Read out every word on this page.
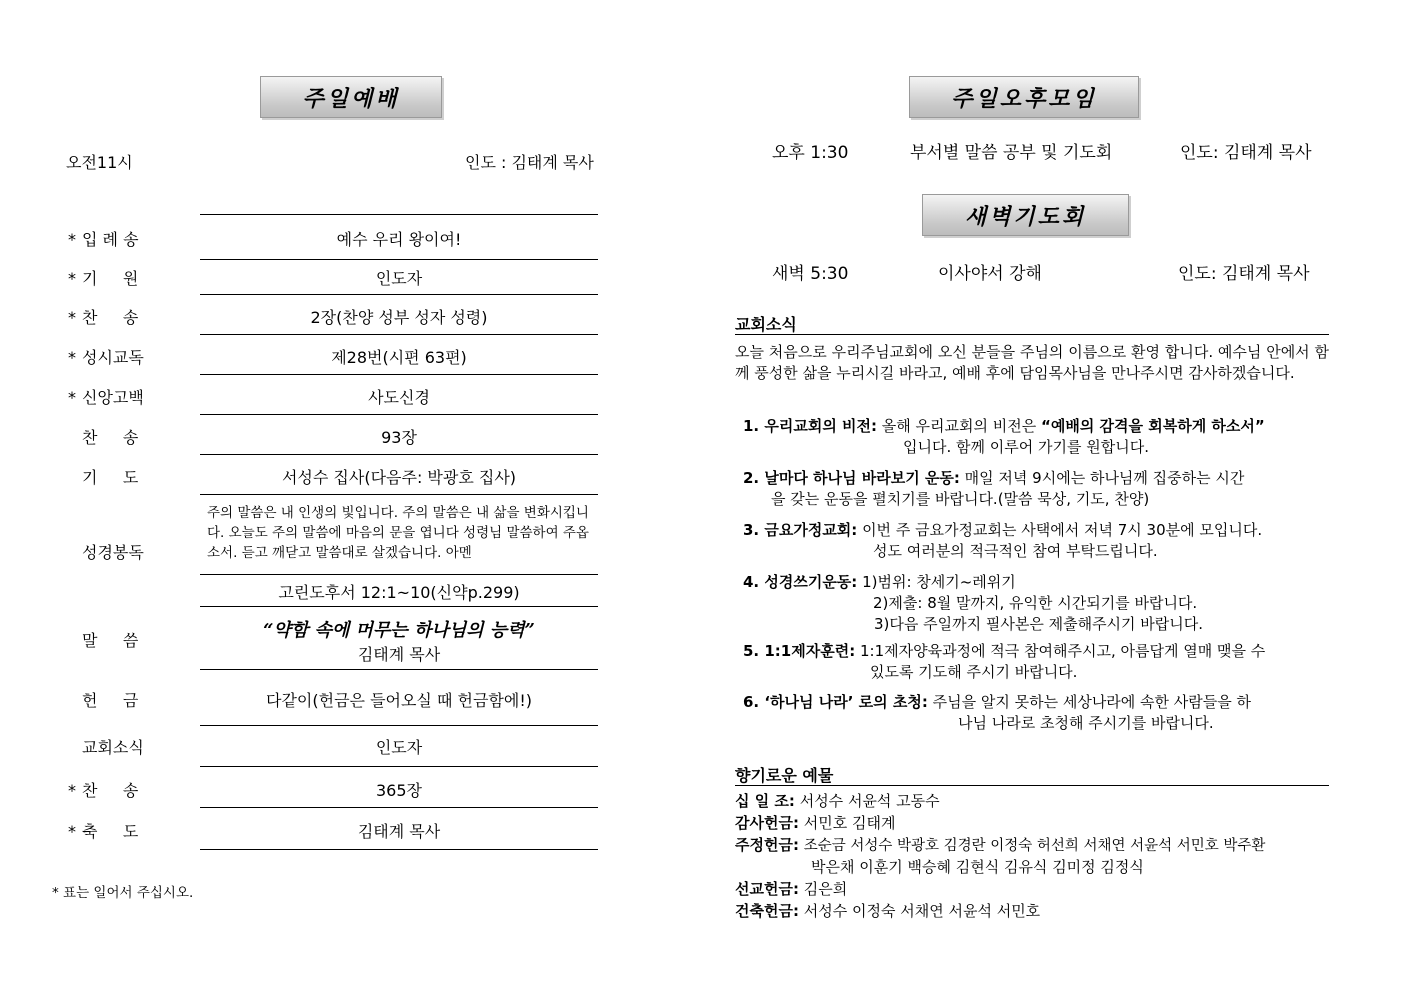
주일예배
오전11시	인도 : 김태계 목사
* 입 례 송	예수 우리 왕이여!
* 기     원	인도자
* 찬     송	2장(찬양 성부 성자 성령)
* 성시교독	제28번(시편 63편)
* 신앙고백	사도신경
찬     송	93장
기     도	서성수 집사(다음주: 박광호 집사)
성경봉독
주의 말씀은 내 인생의 빛입니다. 주의 말씀은 내 삶을 변화시킵니다. 오늘도 주의 말씀에 마음의 문을 엽니다 성령님 말씀하여 주옵소서. 듣고 깨닫고 말씀대로 살겠습니다. 아멘
고린도후서 12:1~10(신약p.299)
말     씀	“약함 속에 머무는 하나님의 능력”
김태계 목사
헌     금	다같이(헌금은 들어오실 때 헌금함에!)
교회소식	인도자
* 찬     송	365장
* 축     도	김태계 목사
* 표는 일어서 주십시오.
주일오후모임
오후 1:30	부서별 말씀 공부 및 기도회	인도: 김태계 목사
새벽기도회
새벽 5:30	이사야서 강해	인도: 김태계 목사
교회소식
오늘 처음으로 우리주님교회에 오신 분들을 주님의 이름으로 환영 합니다. 예수님 안에서 함께 풍성한 삶을 누리시길 바라고, 예배 후에 담임목사님을 만나주시면 감사하겠습니다.
1. 우리교회의 비전: 올해 우리교회의 비전은 “예배의 감격을 회복하게 하소서”
입니다. 함께 이루어 가기를 원합니다.
2. 날마다 하나님 바라보기 운동: 매일 저녁 9시에는 하나님께 집중하는 시간
을 갖는 운동을 펼치기를 바랍니다.(말씀 묵상, 기도, 찬양)
3. 금요가정교회: 이번 주 금요가정교회는 사택에서 저녁 7시 30분에 모입니다.
성도 여러분의 적극적인 참여 부탁드립니다.
4. 성경쓰기운동: 1)범위: 창세기~레위기
2)제출: 8월 말까지, 유익한 시간되기를 바랍니다.
3)다음 주일까지 필사본은 제출해주시기 바랍니다.
5. 1:1제자훈련: 1:1제자양육과정에 적극 참여해주시고, 아름답게 열매 맺을 수
있도록 기도해 주시기 바랍니다.
6. ‘하나님 나라’ 로의 초청: 주님을 알지 못하는 세상나라에 속한 사람들을 하
나님 나라로 초청해 주시기를 바랍니다.
향기로운 예물
십 일 조: 서성수 서윤석 고동수
감사헌금: 서민호 김태계
주정헌금: 조순금 서성수 박광호 김경란 이정숙 허선희 서채연 서윤석 서민호 박주환
박은채 이훈기 백승혜 김현식 김유식 김미정 김정식
선교헌금: 김은희
건축헌금: 서성수 이정숙 서채연 서윤석 서민호
